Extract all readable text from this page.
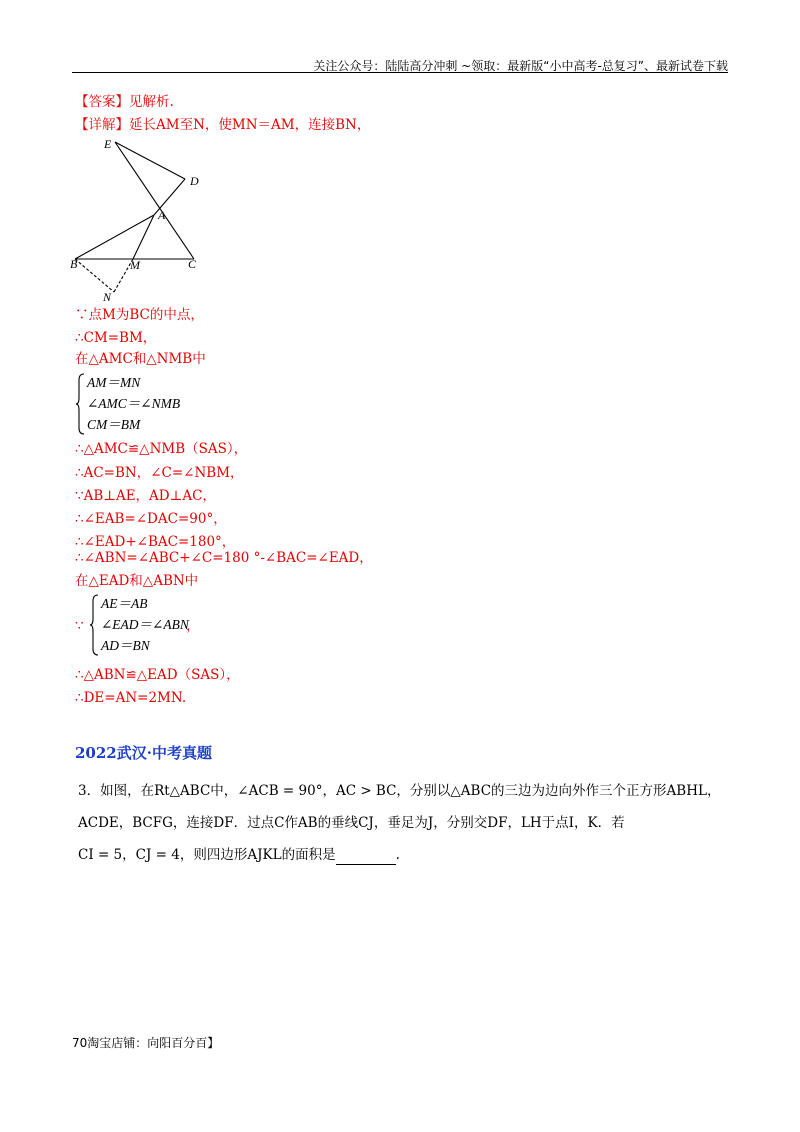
关注公众号：陆陆高分冲刺 ~领取：最新版“小中高考-总复习”、最新试卷下载
【答案】见解析.
【详解】延长AM至N，使MN＝AM，连接BN，
E
D
A
B	M	C
N
∵点M为BC的中点，
∴CM=BM，
在△AMC和△NMB中
AM＝MN
∠AMC＝∠NMB
CM＝BM
∴△AMC≌△NMB（SAS），
∴AC=BN，∠C=∠NBM，
∵AB⊥AE，AD⊥AC，
∴∠EAB=∠DAC=90°，
∴∠EAD+∠BAC=180°，
∴∠ABN=∠ABC+∠C=180 °-∠BAC=∠EAD，
在△EAD和△ABN中
∵
AE＝AB
∠EAD＝∠ABN
AD＝BN
，
∴△ABN≌△EAD（SAS），
∴DE=AN=2MN.
2022武汉·中考真题
3．如图，在Rt△ABC中，∠ACB = 90°，AC > BC，分别以△ABC的三边为边向外作三个正方形ABHL，
ACDE，BCFG，连接DF．过点C作AB的垂线CJ，垂足为J，分别交DF，LH于点I，K．若
CI = 5，CJ = 4，则四边形AJKL的面积是	.
70淘宝店铺：向阳百分百】
